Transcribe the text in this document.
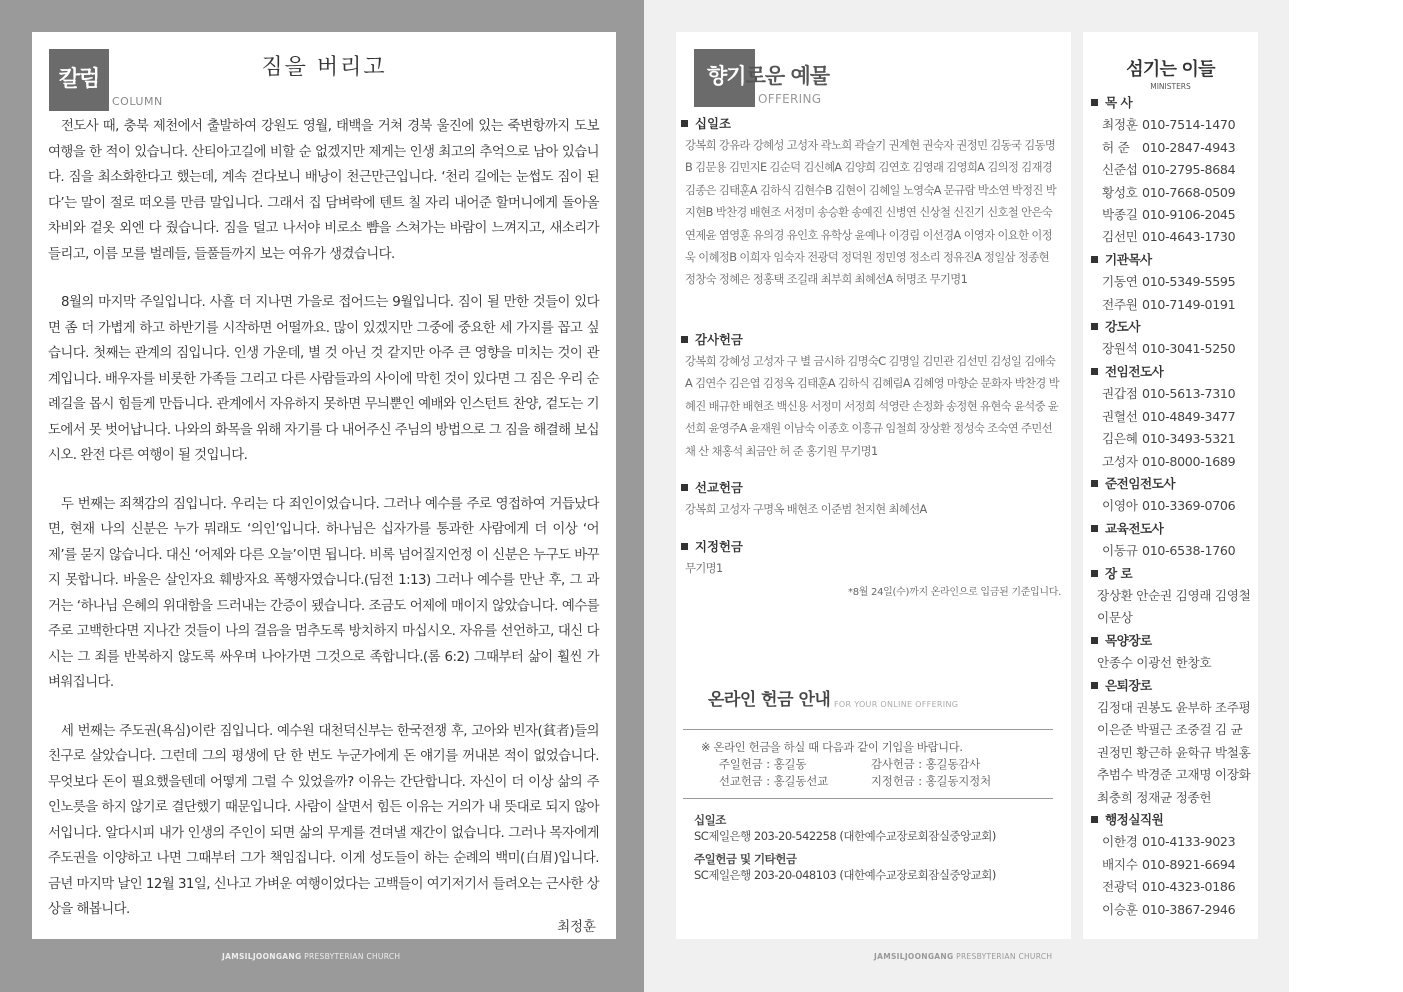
칼럼
COLUMN
짐을 버리고

전도사 때, 충북 제천에서 출발하여 강원도 영월, 태백을 거쳐 경북 울진에 있는 죽변항까지 도보여행을 한 적이 있습니다. 산티아고길에 비할 순 없겠지만 제게는 인생 최고의 추억으로 남아 있습니다. 짐을 최소화한다고 했는데, 계속 걷다보니 배낭이 천근만근입니다. ‘천리 길에는 눈썹도 짐이 된다’는 말이 절로 떠오를 만큼 말입니다. 그래서 집 담벼락에 텐트 칠 자리 내어준 할머니에게 돌아올 차비와 겉옷 외엔 다 줬습니다. 짐을 덜고 나서야 비로소 뺨을 스쳐가는 바람이 느껴지고, 새소리가 들리고, 이름 모를 벌레들, 들풀들까지 보는 여유가 생겼습니다.

8월의 마지막 주일입니다. 사흘 더 지나면 가을로 접어드는 9월입니다. 짐이 될 만한 것들이 있다면 좀 더 가볍게 하고 하반기를 시작하면 어떨까요. 많이 있겠지만 그중에 중요한 세 가지를 꼽고 싶습니다. 첫째는 관계의 짐입니다. 인생 가운데, 별 것 아닌 것 같지만 아주 큰 영향을 미치는 것이 관계입니다. 배우자를 비롯한 가족들 그리고 다른 사람들과의 사이에 막힌 것이 있다면 그 짐은 우리 순례길을 몹시 힘들게 만듭니다. 관계에서 자유하지 못하면 무늬뿐인 예배와 인스턴트 찬양, 겉도는 기도에서 못 벗어납니다. 나와의 화목을 위해 자기를 다 내어주신 주님의 방법으로 그 짐을 해결해 보십시오. 완전 다른 여행이 될 것입니다.

두 번째는 죄책감의 짐입니다. 우리는 다 죄인이었습니다. 그러나 예수를 주로 영접하여 거듭났다면, 현재 나의 신분은 누가 뭐래도 ‘의인’입니다. 하나님은 십자가를 통과한 사람에게 더 이상 ‘어제’를 묻지 않습니다. 대신 ‘어제와 다른 오늘’이면 됩니다. 비록 넘어질지언정 이 신분은 누구도 바꾸지 못합니다. 바울은 살인자요 훼방자요 폭행자였습니다.(딤전 1:13) 그러나 예수를 만난 후, 그 과거는 ‘하나님 은혜의 위대함을 드러내는 간증이 됐습니다. 조금도 어제에 매이지 않았습니다. 예수를 주로 고백한다면 지나간 것들이 나의 걸음을 멈추도록 방치하지 마십시오. 자유를 선언하고, 대신 다시는 그 죄를 반복하지 않도록 싸우며 나아가면 그것으로 족합니다.(롬 6:2) 그때부터 삶이 훨씬 가벼워집니다.

세 번째는 주도권(욕심)이란 짐입니다. 예수원 대천덕신부는 한국전쟁 후, 고아와 빈자(貧者)들의 친구로 살았습니다. 그런데 그의 평생에 단 한 번도 누군가에게 돈 얘기를 꺼내본 적이 없었습니다. 무엇보다 돈이 필요했을텐데 어떻게 그럴 수 있었을까? 이유는 간단합니다. 자신이 더 이상 삶의 주인노릇을 하지 않기로 결단했기 때문입니다. 사람이 살면서 힘든 이유는 거의가 내 뜻대로 되지 않아서입니다. 알다시피 내가 인생의 주인이 되면 삶의 무게를 견뎌낼 재간이 없습니다. 그러나 목자에게 주도권을 이양하고 나면 그때부터 그가 책임집니다. 이게 성도들이 하는 순례의 백미(白眉)입니다. 금년 마지막 날인 12월 31일, 신나고 가벼운 여행이었다는 고백들이 여기저기서 들려오는 근사한 상상을 해봅니다.

최정훈
JAMSILJOONGANG PRESBYTERIAN CHURCH	JAMSILJOONGANG PRESBYTERIAN CHURCH
향기로운 예물
OFFERING
십일조
강복희 강유라 강혜성 고성자 곽노희 곽슬기 권계현 권숙자 권정민 김동국 김동명B 김문용 김민지E 김순덕 김신혜A 김양희 김연호 김영래 김영희A 김의정 김재경 김종은 김태훈A 김하식 김현수B 김현이 김혜일 노영숙A 문규람 박소연 박정진 박지현B 박찬경 배현조 서정미 송승환 송예진 신병연 신상철 신진기 신호철 안은숙 연제윤 염영훈 유의경 유인호 유학상 윤예나 이경림 이선경A 이영자 이요한 이정욱 이혜정B 이희자 임숙자 전광덕 정덕원 정민영 정소리 정유진A 정일삼 정종현 정창숙 정혜은 정홍택 조길래 최부희 최혜선A 허명조 무기명1
감사헌금
강복희 강혜성 고성자 구 별 금시하 김명숙C 김명일 김민관 김선민 김성일 김애숙A 김연수 김은엽 김정옥 김태훈A 김하식 김혜림A 김혜영 마향순 문화자 박찬경 박혜진 배규한 배현조 백신용 서정미 서정희 석영란 손정화 송정현 유현숙 윤석중 윤선희 윤영주A 윤재원 이남숙 이종호 이흥규 임철희 장상환 정성숙 조숙연 주민선 채 산 채홍석 최금안 허 준 홍기원 무기명1
선교헌금
강복희 고성자 구명옥 배현조 이준범 천지현 최혜선A
지정헌금
무기명1
*8월 24일(수)까지 온라인으로 입금된 기준입니다.
온라인 헌금 안내 FOR YOUR ONLINE OFFERING
※ 온라인 헌금을 하실 때 다음과 같이 기입을 바랍니다.
주일헌금 : 홍길동	감사헌금 : 홍길동감사
선교헌금 : 홍길동선교	지정헌금 : 홍길동지정처
십일조
SC제일은행 203-20-542258 (대한예수교장로회잠실중앙교회)
주일헌금 및 기타헌금
SC제일은행 203-20-048103 (대한예수교장로회잠실중앙교회)
섬기는 이들
MINISTERS
목 사
최정훈 010-7514-1470
허 준 010-2847-4943
신준섭 010-2795-8684
황성호 010-7668-0509
박종길 010-9106-2045
김선민 010-4643-1730
기관목사
기동연 010-5349-5595
전주원 010-7149-0191
강도사
장원석 010-3041-5250
전임전도사
권갑점 010-5613-7310
권혈선 010-4849-3477
김은혜 010-3493-5321
고성자 010-8000-1689
준전임전도사
이영아 010-3369-0706
교육전도사
이동규 010-6538-1760
장 로
장상환 안순권 김영래 김영철
이문상
목양장로
안종수 이광선 한창호
은퇴장로
김정대 권봉도 윤부하 조주평
이은준 박필근 조중걸 김 균
권정민 황근하 윤학규 박철홍
추범수 박경준 고재명 이장화
최충희 정재균 정종헌
행정실직원
이한경 010-4133-9023
배지수 010-8921-6694
전광덕 010-4323-0186
이승훈 010-3867-2946
